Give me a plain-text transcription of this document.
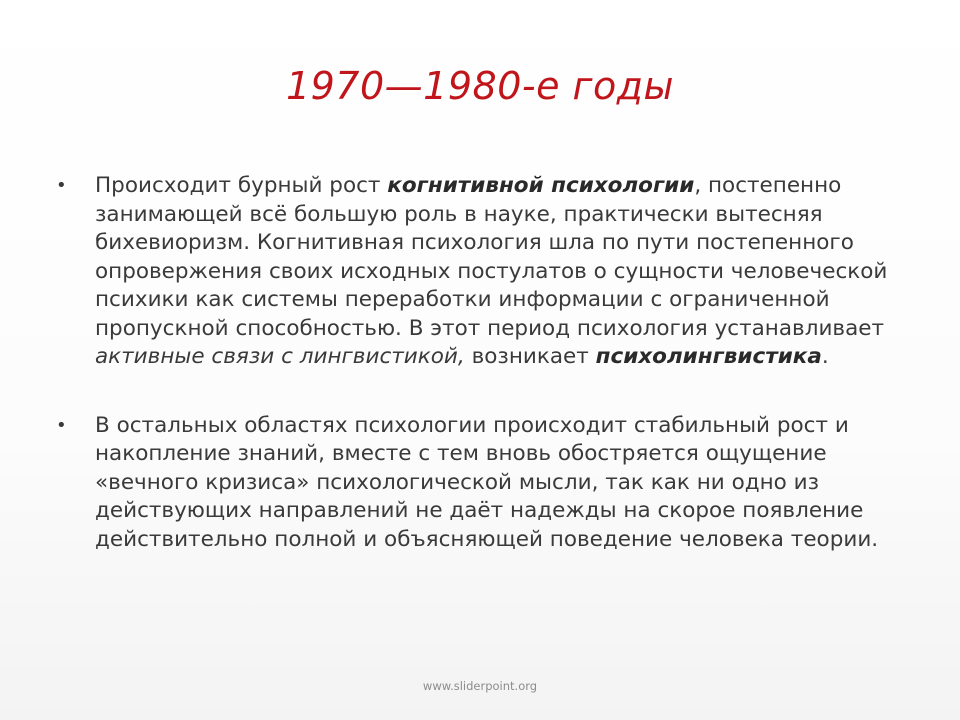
1970—1980-е годы
• Происходит бурный рост когнитивной психологии, постепенно занимающей всё большую роль в науке, практически вытесняя бихевиоризм. Когнитивная психология шла по пути постепенного опровержения своих исходных постулатов о сущности человеческой психики как системы переработки информации с ограниченной пропускной способностью. В этот период психология устанавливает активные связи с лингвистикой, возникает психолингвистика.
• В остальных областях психологии происходит стабильный рост и накопление знаний, вместе с тем вновь обостряется ощущение «вечного кризиса» психологической мысли, так как ни одно из действующих направлений не даёт надежды на скорое появление действительно полной и объясняющей поведение человека теории.
www.sliderpoint.org
